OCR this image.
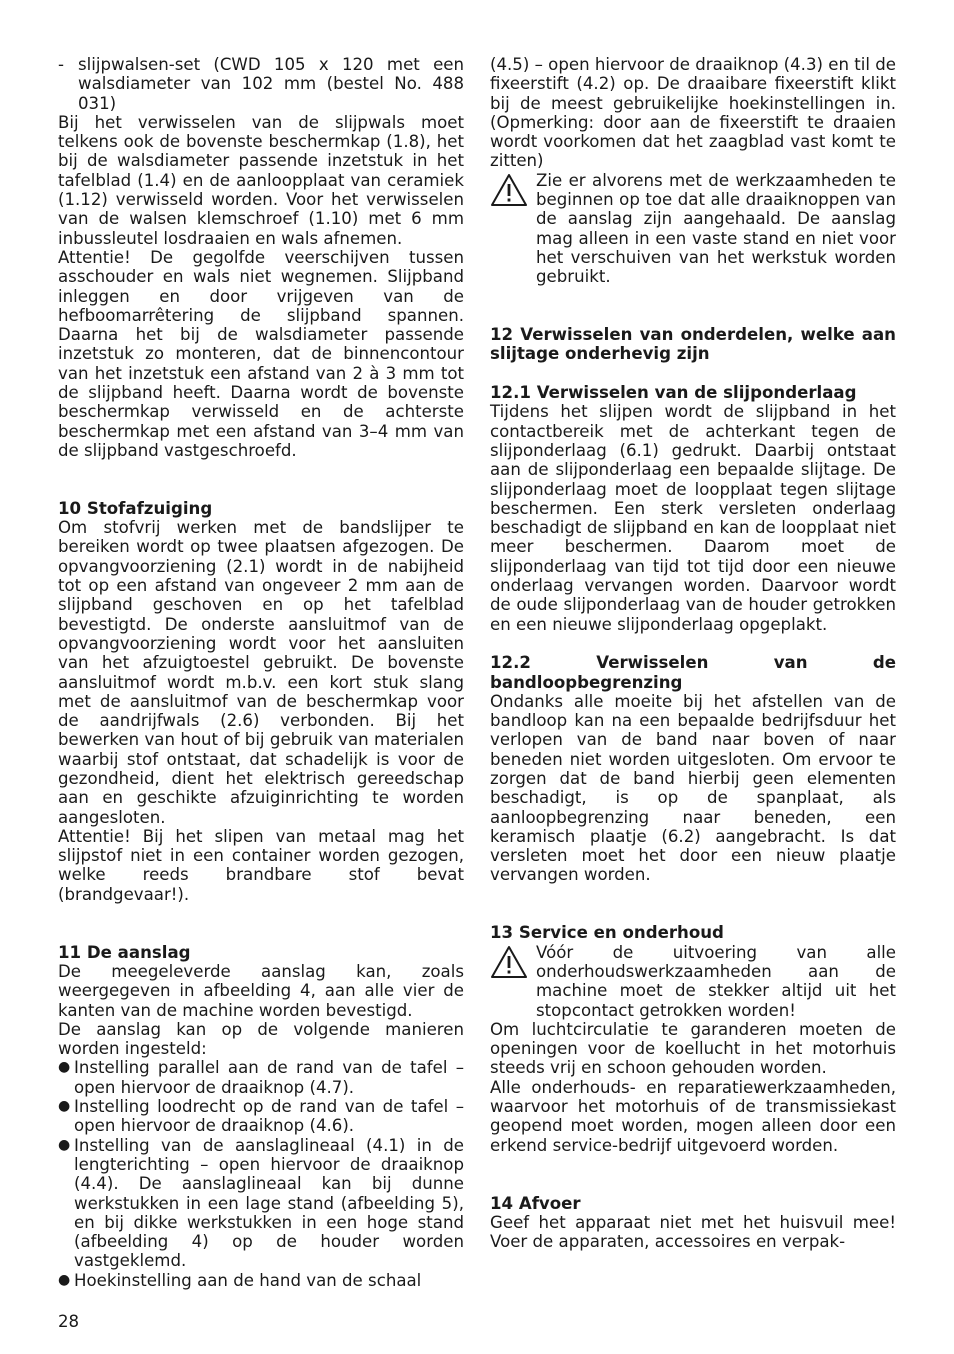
- slijpwalsen-set (CWD 105 x 120 met een walsdiameter van 102 mm (bestel No. 488 031)

Bij het verwisselen van de slijpwals moet telkens ook de bovenste beschermkap (1.8), het bij de walsdiameter passende inzetstuk in het tafelblad (1.4) en de aanloopplaat van ceramiek (1.12) verwisseld worden. Voor het verwisselen van de walsen klemschroef (1.10) met 6 mm inbussleutel losdraaien en wals afnemen.

Attentie! De gegolfde veerschijven tussen asschouder en wals niet wegnemen. Slijpband inleggen en door vrijgeven van de hefboomarrêtering de slijpband spannen. Daarna het bij de walsdiameter passende inzetstuk zo monteren, dat de binnencontour van het inzetstuk een afstand van 2 à 3 mm tot de slijpband heeft. Daarna wordt de bovenste beschermkap verwisseld en de achterste beschermkap met een afstand van 3–4 mm van de slijpband vastgeschroefd.

10 Stofafzuiging

Om stofvrij werken met de bandslijper te bereiken wordt op twee plaatsen afgezogen. De opvangvoorziening (2.1) wordt in de nabijheid tot op een afstand van ongeveer 2 mm aan de slijpband geschoven en op het tafelblad bevestigtd. De onderste aansluitmof van de opvangvoorziening wordt voor het aansluiten van het afzuigtoestel gebruikt. De bovenste aansluitmof wordt m.b.v. een kort stuk slang met de aansluitmof van de beschermkap voor de aandrijfwals (2.6) verbonden. Bij het bewerken van hout of bij gebruik van materialen waarbij stof ontstaat, dat schadelijk is voor de gezondheid, dient het elektrisch gereedschap aan en geschikte afzuiginrichting te worden aangesloten.

Attentie! Bij het slipen van metaal mag het slijpstof niet in een container worden gezogen, welke reeds brandbare stof bevat (brandgevaar!).

11 De aanslag

De meegeleverde aanslag kan, zoals weergegeven in afbeelding 4, aan alle vier de kanten van de machine worden bevestigd.

De aanslag kan op de volgende manieren worden ingesteld:

● Instelling parallel aan de rand van de tafel – open hiervoor de draaiknop (4.7).
● Instelling loodrecht op de rand van de tafel – open hiervoor de draaiknop (4.6).
● Instelling van de aanslaglineaal (4.1) in de lengterichting – open hiervoor de draaiknop (4.4). De aanslaglineaal kan bij dunne werkstukken in een lage stand (afbeelding 5), en bij dikke werkstukken in een hoge stand (afbeelding 4) op de houder worden vastgeklemd.
● Hoekinstelling aan de hand van de schaal

(4.5) – open hiervoor de draaiknop (4.3) en til de fixeerstift (4.2) op. De draaibare fixeerstift klikt bij de meest gebruikelijke hoekinstellingen in. (Opmerking: door aan de fixeerstift te draaien wordt voorkomen dat het zaagblad vast komt te zitten)

Zie er alvorens met de werkzaamheden te beginnen op toe dat alle draaiknoppen van de aanslag zijn aangehaald. De aanslag mag alleen in een vaste stand en niet voor het verschuiven van het werkstuk worden gebruikt.
12 Verwisselen van onderdelen, welke aan slijtage onderhevig zijn
12.1 Verwisselen van de slijponderlaag

Tijdens het slijpen wordt de slijpband in het contactbereik met de achterkant tegen de slijponderlaag (6.1) gedrukt. Daarbij ontstaat aan de slijponderlaag een bepaalde slijtage. De slijponderlaag moet de loopplaat tegen slijtage beschermen. Een sterk versleten onderlaag beschadigt de slijpband en kan de loopplaat niet meer beschermen. Daarom moet de slijponderlaag van tijd tot tijd door een nieuwe onderlaag vervangen worden. Daarvoor wordt de oude slijponderlaag van de houder getrokken en een nieuwe slijponderlaag opgeplakt.

12.2 Verwisselen van de bandloopbegrenzing

Ondanks alle moeite bij het afstellen van de bandloop kan na een bepaalde bedrijfsduur het verlopen van de band naar boven of naar beneden niet worden uitgesloten. Om ervoor te zorgen dat de band hierbij geen elementen beschadigt, is op de spanplaat, als aanloopbegrenzing naar beneden, een keramisch plaatje (6.2) aangebracht. Is dat versleten moet het door een nieuw plaatje vervangen worden.

13 Service en onderhoud
Vóór de uitvoering van alle onderhoudswerkzaamheden aan de machine moet de stekker altijd uit het stopcontact getrokken worden!

Om luchtcirculatie te garanderen moeten de openingen voor de koellucht in het motorhuis steeds vrij en schoon gehouden worden.

Alle onderhouds- en reparatiewerkzaamheden, waarvoor het motorhuis of de transmissiekast geopend moet worden, mogen alleen door een erkend service-bedrijf uitgevoerd worden.

14 Afvoer

Geef het apparaat niet met het huisvuil mee! Voer de apparaten, accessoires en verpak-

28
